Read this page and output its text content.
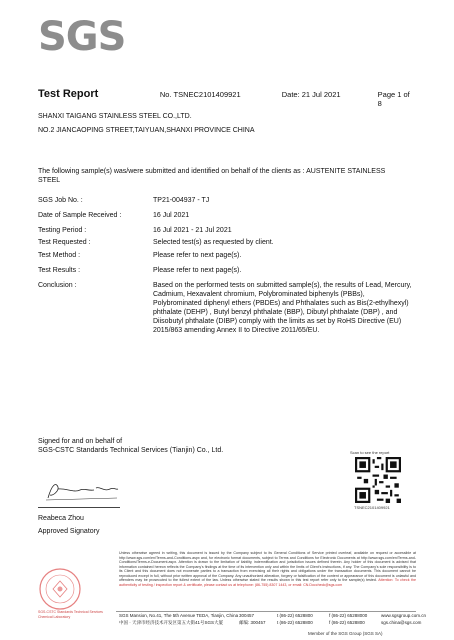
SGS
Test Report	No. TSNEC2101409921	Date: 21 Jul 2021	Page 1 of 8
SHANXI TAIGANG STAINLESS STEEL CO.,LTD.
NO.2 JIANCAOPING STREET,TAIYUAN,SHANXI PROVINCE CHINA
The following sample(s) was/were submitted and identified on behalf of the clients as : AUSTENITE STAINLESS STEEL
SGS Job No. :	TP21-004937 - TJ
Date of Sample Received :	16 Jul 2021
Testing Period :	16 Jul 2021 - 21 Jul 2021
Test Requested :	Selected test(s) as requested by client.
Test Method :	Please refer to next page(s).
Test Results :	Please refer to next page(s).
Conclusion :	Based on the performed tests on submitted sample(s), the results of Lead, Mercury, Cadmium, Hexavalent chromium, Polybrominated biphenyls (PBBs), Polybrominated diphenyl ethers (PBDEs) and Phthalates such as Bis(2-ethylhexyl) phthalate (DEHP) , Butyl benzyl phthalate (BBP), Dibutyl phthalate (DBP) , and Diisobutyl phthalate (DIBP) comply with the limits as set by RoHS Directive (EU) 2015/863 amending Annex II to Directive 2011/65/EU.
Signed for and on behalf of
SGS-CSTC Standards Technical Services (Tianjin) Co., Ltd.
Reabeca Zhou
Approved Signatory
Scan to see the report
TSNEC2101409921
SGS-CSTC Standards Technical Services
Chemical Laboratory
Unless otherwise agreed in writing, this document is issued by the Company subject to its General Conditions of Service printed overleaf, available on request or accessible at http://www.sgs.com/en/Terms-and-Conditions.aspx and, for electronic format documents, subject to Terms and Conditions for Electronic Documents at http://www.sgs.com/en/Terms-and-Conditions/Terms-e-Document.aspx. Attention is drawn to the limitation of liability, indemnification and jurisdiction issues defined therein. Any holder of this document is advised that information contained hereon reflects the Company's findings at the time of its intervention only and within the limits of Client's instructions, if any. The Company's sole responsibility is to its Client and this document does not exonerate parties to a transaction from exercising all their rights and obligations under the transaction documents. This document cannot be reproduced except in full, without prior written approval of the Company. Any unauthorized alteration, forgery or falsification of the content or appearance of this document is unlawful and offenders may be prosecuted to the fullest extent of the law. Unless otherwise stated the results shown in this test report refer only to the sample(s) tested. Attention: To check the authenticity of testing / inspection report & certificate, please contact us at telephone: (86-755) 8307 1443, or email: CN.Doccheck@sgs.com
SGS Mansion, No.41, The 5th Avenue TEDA, Tianjin, China 300457	t (86-22) 6528800	f (86-22) 65288000	www.sgsgroup.com.cn
中国 · 天津市经济技术开发区第五大街41号SGS大厦	邮编: 300457	t (86-22) 6528800	f (86-22) 6528800	sgs.china@sgs.com
Member of the SGS Group (SGS SA)
